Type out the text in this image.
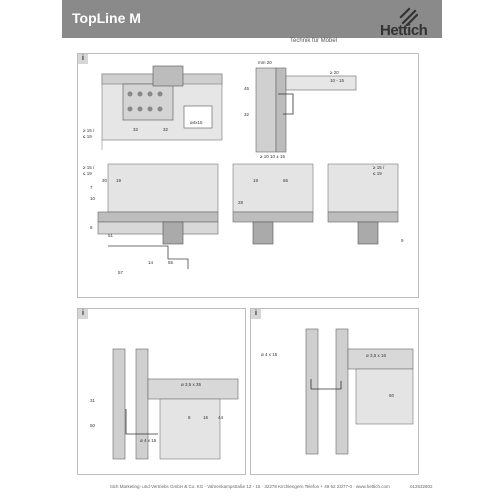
TopLine M
Hettich
Technik für Möbel
i
ø4x15
≥ 15 /
≤ 19
32	32
mm 20
≥ 20
10 - 15
45
32
≥ 10 10 ± 15
≥ 15 /
≤ 19
30 19
7
10
8
51
57
14	55
19	65
28
≥ 15 /
≤ 19
9
i
ø 3,5 x 35
ø 4 x 15
31
50
8	16 44
i
ø 4 x 15	ø 3,5 x 16
60
ttich Marketing- und Vertriebs GmbH & Co. KG · Vahrenkampstraße 12 - 16 · 32278 Kirchlengern Telefon + 49 52 23/77-0 · www.hettich.com	012532802
